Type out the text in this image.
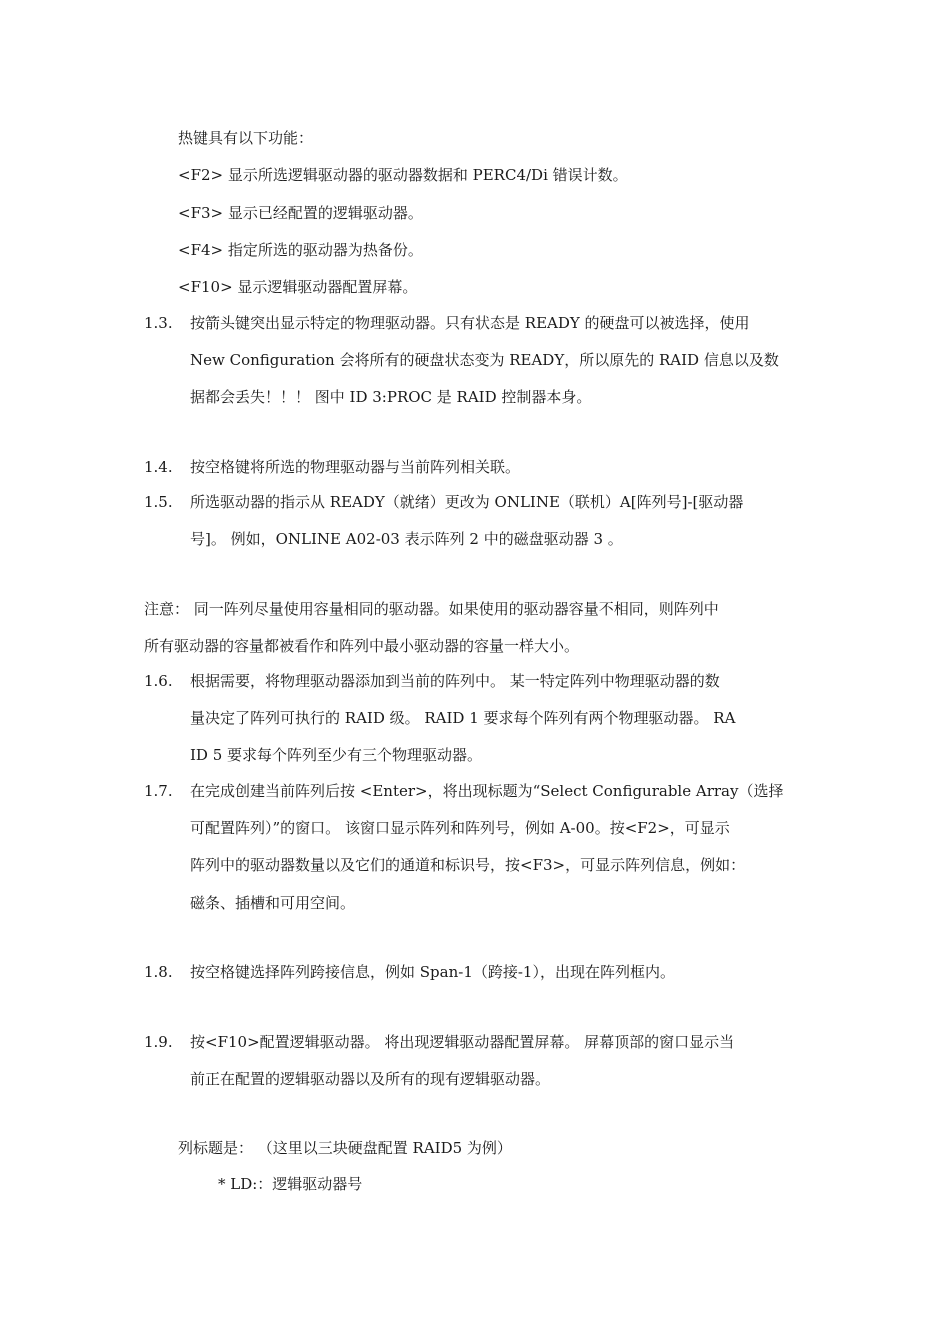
热键具有以下功能：
<F2> 显示所选逻辑驱动器的驱动器数据和 PERC4/Di 错误计数。
<F3> 显示已经配置的逻辑驱动器。
<F4> 指定所选的驱动器为热备份。
<F10> 显示逻辑驱动器配置屏幕。
1.3. 按箭头键突出显示特定的物理驱动器。只有状态是 READY 的硬盘可以被选择，使用
New Configuration 会将所有的硬盘状态变为 READY，所以原先的 RAID 信息以及数
据都会丢失！！！ 图中 ID 3:PROC 是 RAID 控制器本身。
1.4. 按空格键将所选的物理驱动器与当前阵列相关联。
1.5. 所选驱动器的指示从 READY（就绪）更改为 ONLINE（联机）A[阵列号]-[驱动器
号]。 例如，ONLINE A02-03 表示阵列 2 中的磁盘驱动器 3 。
注意： 同一阵列尽量使用容量相同的驱动器。如果使用的驱动器容量不相同，则阵列中
所有驱动器的容量都被看作和阵列中最小驱动器的容量一样大小。
1.6. 根据需要，将物理驱动器添加到当前的阵列中。 某一特定阵列中物理驱动器的数
量决定了阵列可执行的 RAID 级。 RAID 1 要求每个阵列有两个物理驱动器。 RA
ID 5 要求每个阵列至少有三个物理驱动器。
1.7. 在完成创建当前阵列后按 <Enter>，将出现标题为“Select Configurable Array（选择
可配置阵列）”的窗口。 该窗口显示阵列和阵列号，例如 A-00。按<F2>，可显示
阵列中的驱动器数量以及它们的通道和标识号，按<F3>，可显示阵列信息，例如：
磁条、插槽和可用空间。
1.8. 按空格键选择阵列跨接信息，例如 Span-1（跨接-1），出现在阵列框内。
1.9. 按<F10>配置逻辑驱动器。 将出现逻辑驱动器配置屏幕。 屏幕顶部的窗口显示当
前正在配置的逻辑驱动器以及所有的现有逻辑驱动器。
列标题是： （这里以三块硬盘配置 RAID5 为例）
* LD:：逻辑驱动器号
